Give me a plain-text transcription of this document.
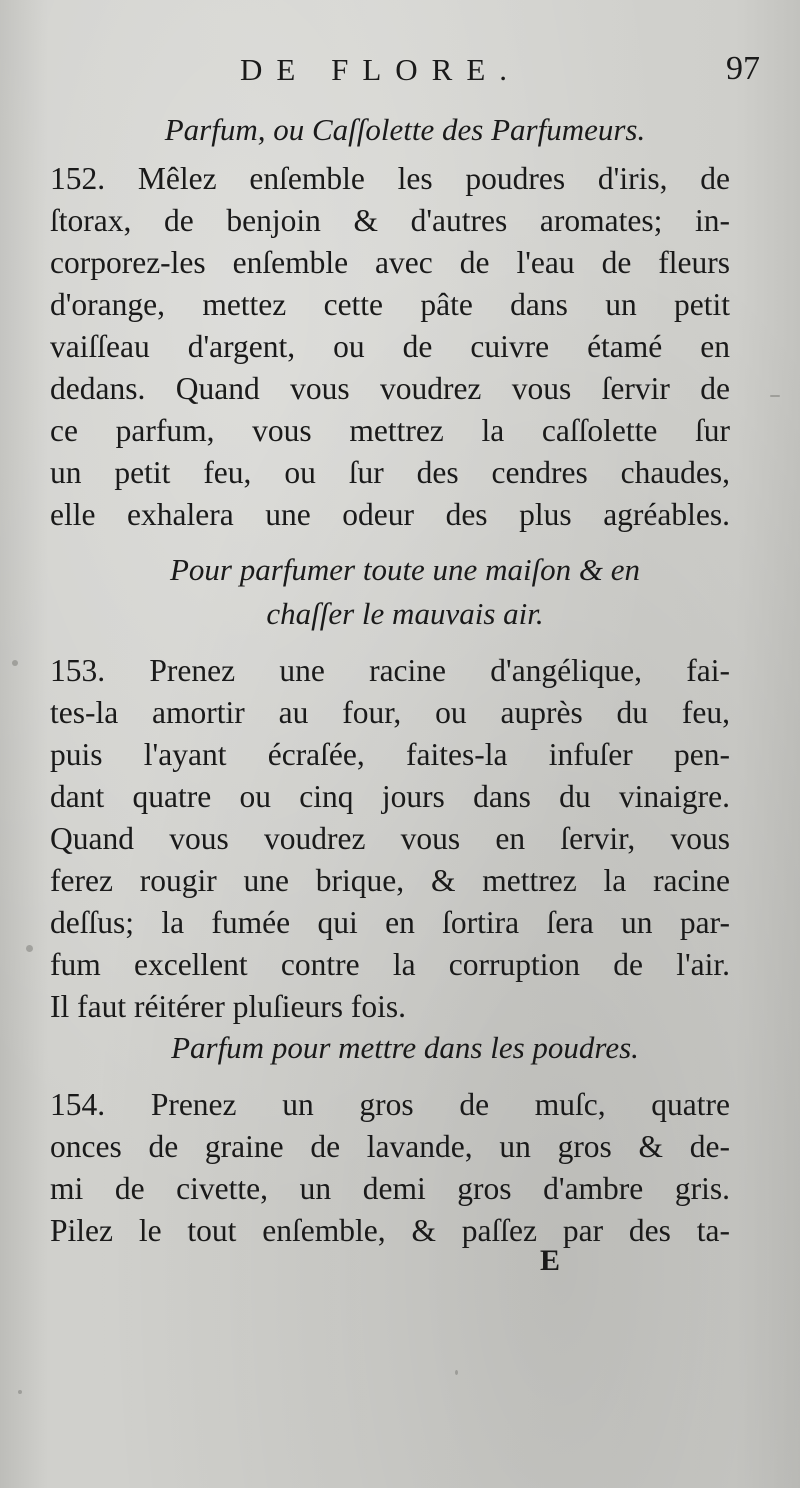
DE FLORE.	97
Parfum, ou Caſſolette des Parfumeurs.
152. Mêlez enſemble les poudres d'iris, de
ſtorax, de benjoin & d'autres aromates; in-
corporez-les enſemble avec de l'eau de fleurs
d'orange, mettez cette pâte dans un petit
vaiſſeau d'argent, ou de cuivre étamé en
dedans. Quand vous voudrez vous ſervir de
ce parfum, vous mettrez la caſſolette ſur
un petit feu, ou ſur des cendres chaudes,
elle exhalera une odeur des plus agréables.
Pour parfumer toute une maiſon & en
chaſſer le mauvais air.
153. Prenez une racine d'angélique, fai-
tes-la amortir au four, ou auprès du feu,
puis l'ayant écraſée, faites-la infuſer pen-
dant quatre ou cinq jours dans du vinaigre.
Quand vous voudrez vous en ſervir, vous
ferez rougir une brique, & mettrez la racine
deſſus; la fumée qui en ſortira ſera un par-
fum excellent contre la corruption de l'air.
Il faut réitérer pluſieurs fois.
Parfum pour mettre dans les poudres.
154. Prenez un gros de muſc, quatre
onces de graine de lavande, un gros & de-
mi de civette, un demi gros d'ambre gris.
Pilez le tout enſemble, & paſſez par des ta-
E
